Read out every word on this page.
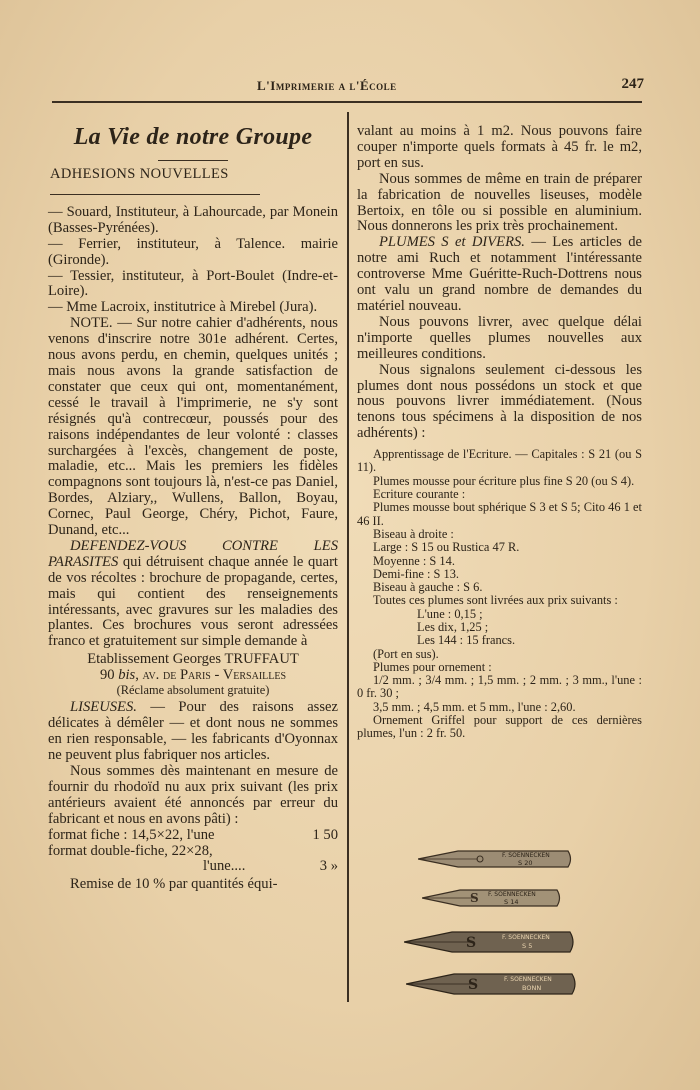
L'Imprimerie a l'École	247
La Vie de notre Groupe
ADHESIONS NOUVELLES

— Souard, Instituteur, à Lahourcade, par Monein (Basses-Pyrénées).

— Ferrier, instituteur, à Talence. mairie (Gironde).

— Tessier, instituteur, à Port-Boulet (Indre-et-Loire).

— Mme Lacroix, institutrice à Mirebel (Jura).

NOTE. — Sur notre cahier d'adhérents, nous venons d'inscrire notre 301e adhérent. Certes, nous avons perdu, en chemin, quelques unités ; mais nous avons la grande satisfaction de constater que ceux qui ont, momentanément, cessé le travail à l'imprimerie, ne s'y sont résignés qu'à contrecœur, poussés pour des raisons indépendantes de leur volonté : classes surchargées à l'excès, changement de poste, maladie, etc... Mais les premiers les fidèles compagnons sont toujours là, n'est-ce pas Daniel, Bordes, Alziary,, Wullens, Ballon, Boyau, Cornec, Paul George, Chéry, Pichot, Faure, Dunand, etc...

DEFENDEZ-VOUS CONTRE LES PARASITES qui détruisent chaque année le quart de vos récoltes : brochure de propagande, certes, mais qui contient des renseignements intéressants, avec gravures sur les maladies des plantes. Ces brochures vous seront adressées franco et gratuitement sur simple demande à

Etablissement Georges TRUFFAUT

90 bis, av. de Paris - Versailles

(Réclame absolument gratuite)

LISEUSES. — Pour des raisons assez délicates à démêler — et dont nous ne sommes en rien responsable, — les fabricants d'Oyonnax ne peuvent plus fabriquer nos articles.

Nous sommes dès maintenant en mesure de fournir du rhodoïd nu aux prix suivant (les prix antérieurs avaient été annoncés par erreur du fabricant et nous en avons pâti) :

format fiche : 14,5×22, l'une	1 50
format double-fiche, 22×28,
l'une....	3 »

Remise de 10 % par quantités équi-

valant au moins à 1 m2. Nous pouvons faire couper n'importe quels formats à 45 fr. le m2, port en sus.

Nous sommes de même en train de préparer la fabrication de nouvelles liseuses, modèle Bertoix, en tôle ou si possible en aluminium. Nous donnerons les prix très prochainement.

PLUMES S et DIVERS. — Les articles de notre ami Ruch et notamment l'intéressante controverse Mme Guéritte-Ruch-Dottrens nous ont valu un grand nombre de demandes du matériel nouveau.

Nous pouvons livrer, avec quelque délai n'importe quelles plumes nouvelles aux meilleures conditions.

Nous signalons seulement ci-dessous les plumes dont nous possédons un stock et que nous pouvons livrer immédiatement. (Nous tenons tous spécimens à la disposition de nos adhérents) :

Apprentissage de l'Ecriture. — Capitales : S 21 (ou S 11).

Plumes mousse pour écriture plus fine S 20 (ou S 4).

Ecriture courante :

Plumes mousse bout sphérique S 3 et S 5; Cito 46 1 et 46 II.

Biseau à droite :

Large : S 15 ou Rustica 47 R.

Moyenne : S 14.

Demi-fine : S 13.

Biseau à gauche : S 6.

Toutes ces plumes sont livrées aux prix suivants :

L'une : 0,15 ;

Les dix, 1,25 ;

Les 144 : 15 francs.

(Port en sus).

Plumes pour ornement :

1/2 mm. ; 3/4 mm. ; 1,5 mm. ; 2 mm. ; 3 mm., l'une : 0 fr. 30 ;

3,5 mm. ; 4,5 mm. et 5 mm., l'une : 2,60.

Ornement Griffel pour support de ces dernières plumes, l'un : 2 fr. 50.

F. SOENNECKEN
S 20
S F. SOENNECKEN
S 14
S	F. SOENNECKEN
S 5
S	F. SOENNECKEN
BONN
